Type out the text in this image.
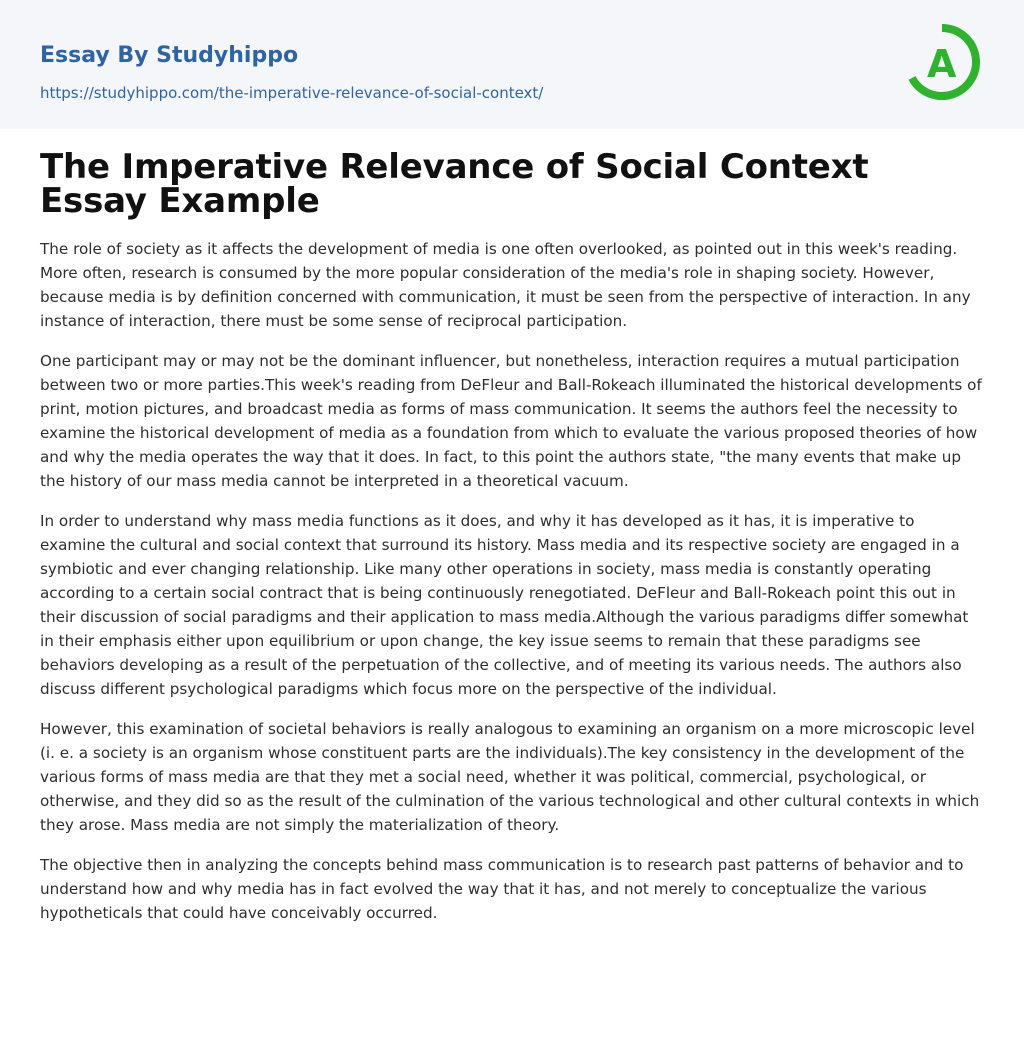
Essay By Studyhippo
https://studyhippo.com/the-imperative-relevance-of-social-context/
A
The Imperative Relevance of Social Context Essay Example

The role of society as it affects the development of media is one often overlooked, as pointed out in this week's reading. More often, research is consumed by the more popular consideration of the media's role in shaping society. However, because media is by definition concerned with communication, it must be seen from the perspective of interaction. In any instance of interaction, there must be some sense of reciprocal participation.

One participant may or may not be the dominant influencer, but nonetheless, interaction requires a mutual participation between two or more parties.This week's reading from DeFleur and Ball-Rokeach illuminated the historical developments of print, motion pictures, and broadcast media as forms of mass communication. It seems the authors feel the necessity to examine the historical development of media as a foundation from which to evaluate the various proposed theories of how and why the media operates the way that it does. In fact, to this point the authors state, "the many events that make up the history of our mass media cannot be interpreted in a theoretical vacuum.

In order to understand why mass media functions as it does, and why it has developed as it has, it is imperative to examine the cultural and social context that surround its history. Mass media and its respective society are engaged in a symbiotic and ever changing relationship. Like many other operations in society, mass media is constantly operating according to a certain social contract that is being continuously renegotiated. DeFleur and Ball-Rokeach point this out in their discussion of social paradigms and their application to mass media.Although the various paradigms differ somewhat in their emphasis either upon equilibrium or upon change, the key issue seems to remain that these paradigms see behaviors developing as a result of the perpetuation of the collective, and of meeting its various needs. The authors also discuss different psychological paradigms which focus more on the perspective of the individual.

However, this examination of societal behaviors is really analogous to examining an organism on a more microscopic level (i. e. a society is an organism whose constituent parts are the individuals).The key consistency in the development of the various forms of mass media are that they met a social need, whether it was political, commercial, psychological, or otherwise, and they did so as the result of the culmination of the various technological and other cultural contexts in which they arose. Mass media are not simply the materialization of theory.

The objective then in analyzing the concepts behind mass communication is to research past patterns of behavior and to understand how and why media has in fact evolved the way that it has, and not merely to conceptualize the various hypotheticals that could have conceivably occurred.
